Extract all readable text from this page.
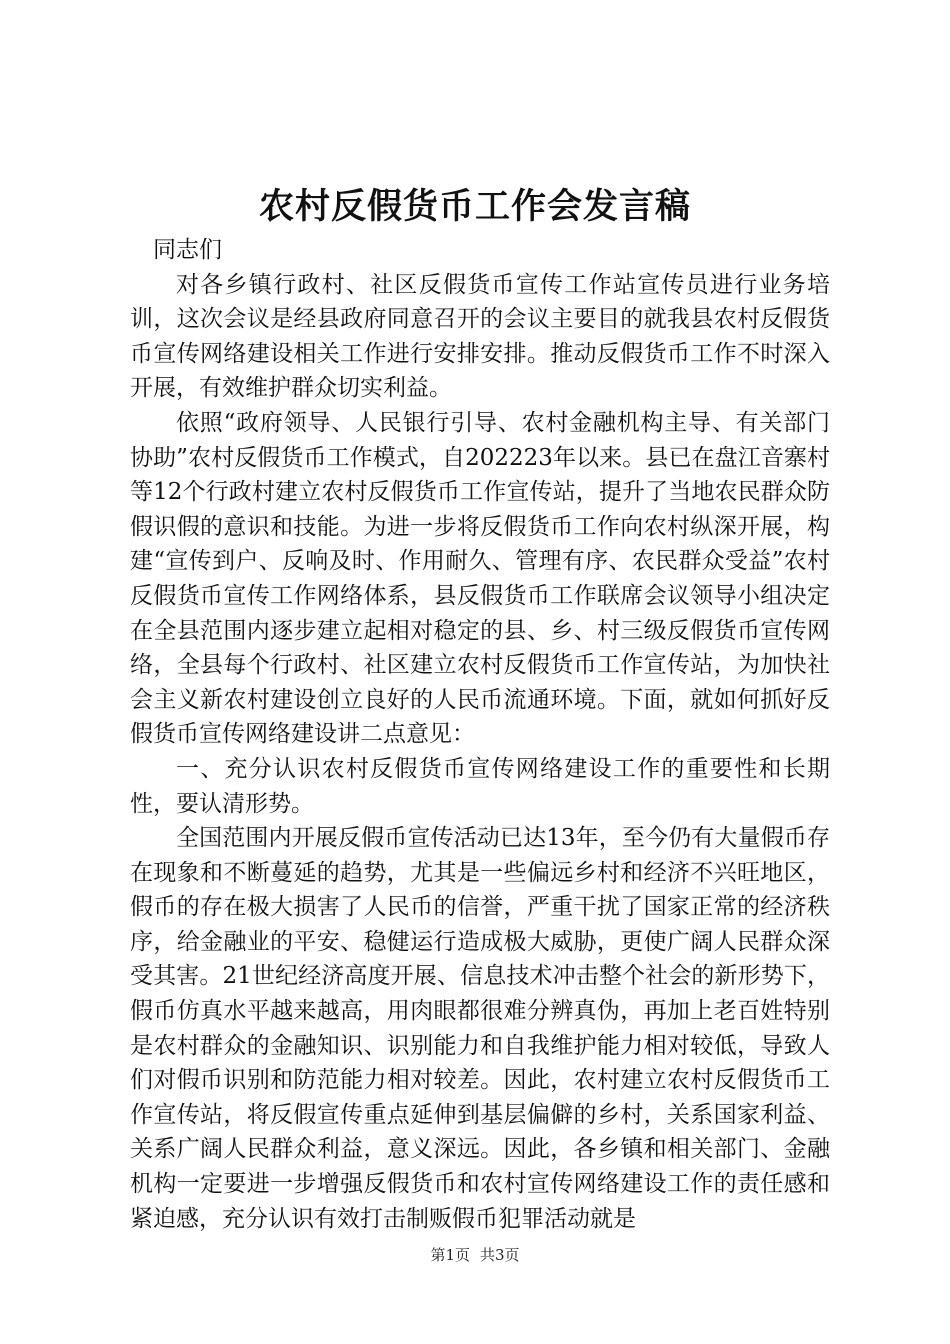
农村反假货币工作会发言稿

同志们

对各乡镇行政村、社区反假货币宣传工作站宣传员进行业务培训，这次会议是经县政府同意召开的会议主要目的就我县农村反假货币宣传网络建设相关工作进行安排安排。推动反假货币工作不时深入开展，有效维护群众切实利益。

依照“政府领导、人民银行引导、农村金融机构主导、有关部门协助”农村反假货币工作模式，自202223年以来。县已在盘江音寨村等12个行政村建立农村反假货币工作宣传站，提升了当地农民群众防假识假的意识和技能。为进一步将反假货币工作向农村纵深开展，构建“宣传到户、反响及时、作用耐久、管理有序、农民群众受益”农村反假货币宣传工作网络体系，县反假货币工作联席会议领导小组决定在全县范围内逐步建立起相对稳定的县、乡、村三级反假货币宣传网络，全县每个行政村、社区建立农村反假货币工作宣传站，为加快社会主义新农村建设创立良好的人民币流通环境。下面，就如何抓好反假货币宣传网络建设讲二点意见：

一、充分认识农村反假货币宣传网络建设工作的重要性和长期性，要认清形势。

全国范围内开展反假币宣传活动已达13年，至今仍有大量假币存在现象和不断蔓延的趋势，尤其是一些偏远乡村和经济不兴旺地区，假币的存在极大损害了人民币的信誉，严重干扰了国家正常的经济秩序，给金融业的平安、稳健运行造成极大威胁，更使广阔人民群众深受其害。21世纪经济高度开展、信息技术冲击整个社会的新形势下，假币仿真水平越来越高，用肉眼都很难分辨真伪，再加上老百姓特别是农村群众的金融知识、识别能力和自我维护能力相对较低，导致人们对假币识别和防范能力相对较差。因此，农村建立农村反假货币工作宣传站，将反假宣传重点延伸到基层偏僻的乡村，关系国家利益、关系广阔人民群众利益，意义深远。因此，各乡镇和相关部门、金融机构一定要进一步增强反假货币和农村宣传网络建设工作的责任感和紧迫感，充分认识有效打击制贩假币犯罪活动就是

第1页 共3页
